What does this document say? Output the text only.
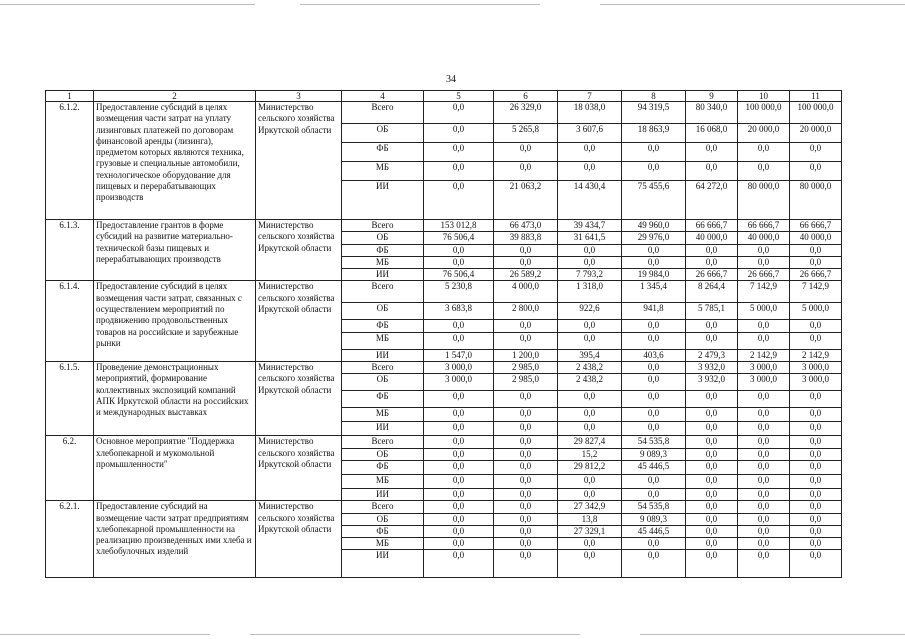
34
1	2	3	4	5	6	7	8	9	10	11
6.1.2.	Предоставление субсидий в целях возмещения части затрат на уплату лизинговых платежей по договорам финансовой аренды (лизинга), предметом которых являются техника, грузовые и специальные автомобили, технологическое оборудование для пищевых и перерабатывающих производств	Министерство сельского хозяйства Иркутской области	Всего	0,0	26 329,0	18 038,0	94 319,5	80 340,0	100 000,0	100 000,0
			ОБ	0,0	5 265,8	3 607,6	18 863,9	16 068,0	20 000,0	20 000,0
			ФБ	0,0	0,0	0,0	0,0	0,0	0,0	0,0
			МБ	0,0	0,0	0,0	0,0	0,0	0,0	0,0
			ИИ	0,0	21 063,2	14 430,4	75 455,6	64 272,0	80 000,0	80 000,0
6.1.3.	Предоставление грантов в форме субсидий на развитие материально-технической базы пищевых и перерабатывающих производств	Министерство сельского хозяйства Иркутской области	Всего	153 012,8	66 473,0	39 434,7	49 960,0	66 666,7	66 666,7	66 666,7
			ОБ	76 506,4	39 883,8	31 641,5	29 976,0	40 000,0	40 000,0	40 000,0
			ФБ	0,0	0,0	0,0	0,0	0,0	0,0	0,0
			МБ	0,0	0,0	0,0	0,0	0,0	0,0	0,0
			ИИ	76 506,4	26 589,2	7 793,2	19 984,0	26 666,7	26 666,7	26 666,7
6.1.4.	Предоставление субсидий в целях возмещения части затрат, связанных с осуществлением мероприятий по продвижению продовольственных товаров на российские и зарубежные рынки	Министерство сельского хозяйства Иркутской области	Всего	5 230,8	4 000,0	1 318,0	1 345,4	8 264,4	7 142,9	7 142,9
			ОБ	3 683,8	2 800,0	922,6	941,8	5 785,1	5 000,0	5 000,0
			ФБ	0,0	0,0	0,0	0,0	0,0	0,0	0,0
			МБ	0,0	0,0	0,0	0,0	0,0	0,0	0,0
			ИИ	1 547,0	1 200,0	395,4	403,6	2 479,3	2 142,9	2 142,9
6.1.5.	Проведение демонстрационных мероприятий, формирование коллективных экспозиций компаний АПК Иркутской области на российских и международных выставках	Министерство сельского хозяйства Иркутской области	Всего	3 000,0	2 985,0	2 438,2	0,0	3 932,0	3 000,0	3 000,0
			ОБ	3 000,0	2 985,0	2 438,2	0,0	3 932,0	3 000,0	3 000,0
			ФБ	0,0	0,0	0,0	0,0	0,0	0,0	0,0
			МБ	0,0	0,0	0,0	0,0	0,0	0,0	0,0
			ИИ	0,0	0,0	0,0	0,0	0,0	0,0	0,0
6.2.	Основное мероприятие "Поддержка хлебопекарной и мукомольной промышленности"	Министерство сельского хозяйства Иркутской области	Всего	0,0	0,0	29 827,4	54 535,8	0,0	0,0	0,0
			ОБ	0,0	0,0	15,2	9 089,3	0,0	0,0	0,0
			ФБ	0,0	0,0	29 812,2	45 446,5	0,0	0,0	0,0
			МБ	0,0	0,0	0,0	0,0	0,0	0,0	0,0
			ИИ	0,0	0,0	0,0	0,0	0,0	0,0	0,0
6.2.1.	Предоставление субсидий на возмещение части затрат предприятиям хлебопекарной промышленности на реализацию произведенных ими хлеба и хлебобулочных изделий	Министерство сельского хозяйства Иркутской области	Всего	0,0	0,0	27 342,9	54 535,8	0,0	0,0	0,0
			ОБ	0,0	0,0	13,8	9 089,3	0,0	0,0	0,0
			ФБ	0,0	0,0	27 329,1	45 446,5	0,0	0,0	0,0
			МБ	0,0	0,0	0,0	0,0	0,0	0,0	0,0
			ИИ	0,0	0,0	0,0	0,0	0,0	0,0	0,0
